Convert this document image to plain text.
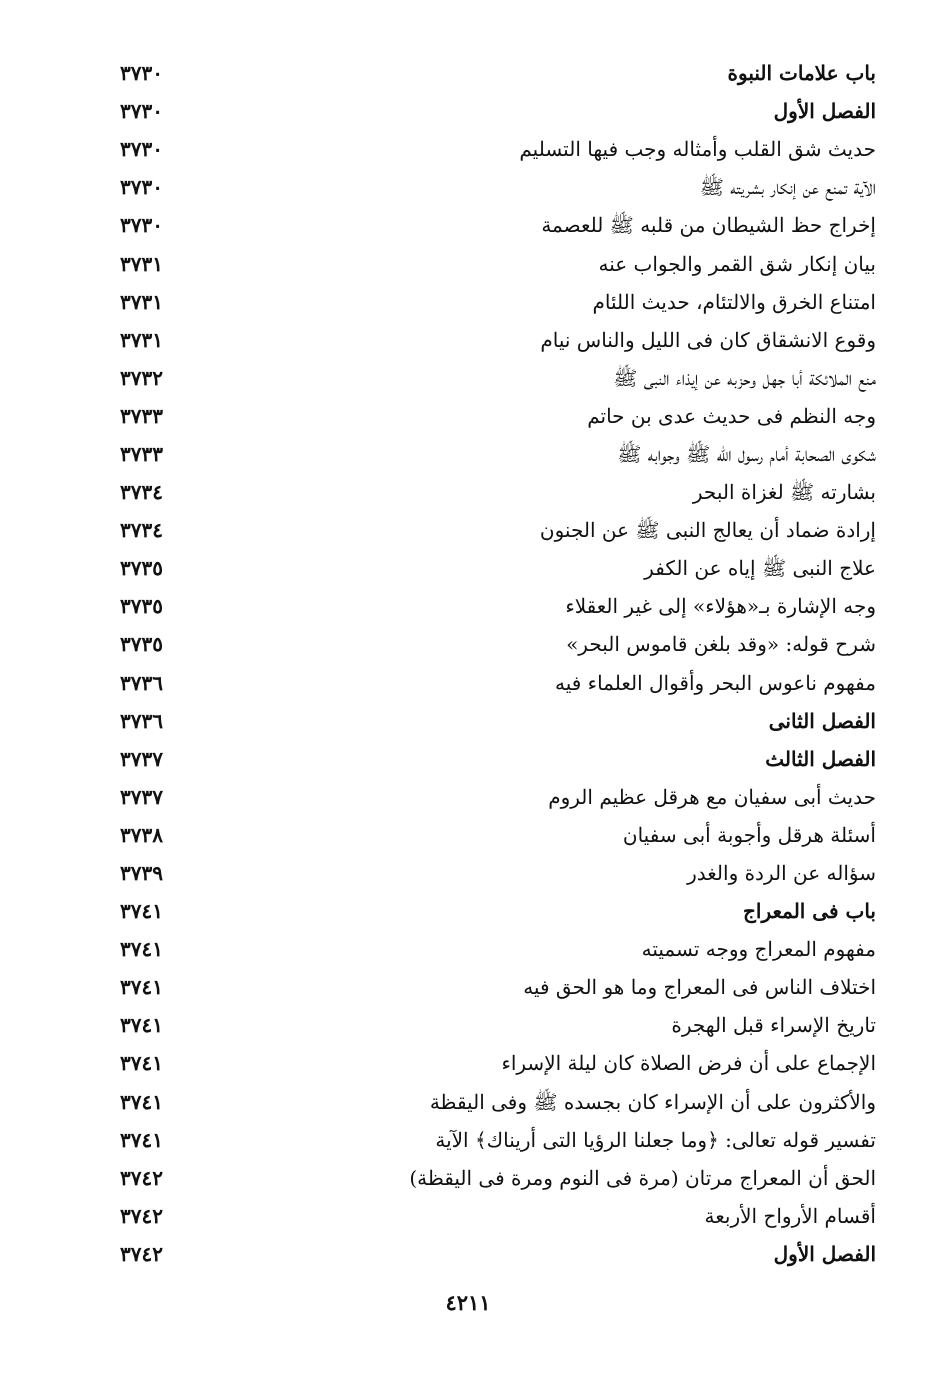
باب علامات النبوة
٣٧٣٠
الفصل الأول
٣٧٣٠
حديث شق القلب وأمثاله وجب فيها التسليم
٣٧٣٠
الآية تمنع عن إنكار بشريته ﷺ
٣٧٣٠
إخراج حظ الشيطان من قلبه ﷺ للعصمة
٣٧٣٠
بيان إنكار شق القمر والجواب عنه
٣٧٣١
امتناع الخرق والالتئام، حديث اللئام
٣٧٣١
وقوع الانشقاق كان فى الليل والناس نيام
٣٧٣١
منع الملائكة أبا جهل وحزبه عن إيذاء النبى ﷺ
٣٧٣٢
وجه النظم فى حديث عدى بن حاتم
٣٧٣٣
شكوى الصحابة أمام رسول الله ﷺ وجوابه ﷺ
٣٧٣٣
بشارته ﷺ لغزاة البحر
٣٧٣٤
إرادة ضماد أن يعالج النبى ﷺ عن الجنون
٣٧٣٤
علاج النبى ﷺ إياه عن الكفر
٣٧٣٥
وجه الإشارة بـ«هؤلاء» إلى غير العقلاء
٣٧٣٥
شرح قوله: «وقد بلغن قاموس البحر»
٣٧٣٥
مفهوم ناعوس البحر وأقوال العلماء فيه
٣٧٣٦
الفصل الثانى
٣٧٣٦
الفصل الثالث
٣٧٣٧
حديث أبى سفيان مع هرقل عظيم الروم
٣٧٣٧
أسئلة هرقل وأجوبة أبى سفيان
٣٧٣٨
سؤاله عن الردة والغدر
٣٧٣٩
باب فى المعراج
٣٧٤١
مفهوم المعراج ووجه تسميته
٣٧٤١
اختلاف الناس فى المعراج وما هو الحق فيه
٣٧٤١
تاريخ الإسراء قبل الهجرة
٣٧٤١
الإجماع على أن فرض الصلاة كان ليلة الإسراء
٣٧٤١
والأكثرون على أن الإسراء كان بجسده ﷺ وفى اليقظة
٣٧٤١
تفسير قوله تعالى: ﴿وما جعلنا الرؤيا التى أريناك﴾ الآية
٣٧٤١
الحق أن المعراج مرتان (مرة فى النوم ومرة فى اليقظة)
٣٧٤٢
أقسام الأرواح الأربعة
٣٧٤٢
الفصل الأول
٣٧٤٢
٤٢١١
